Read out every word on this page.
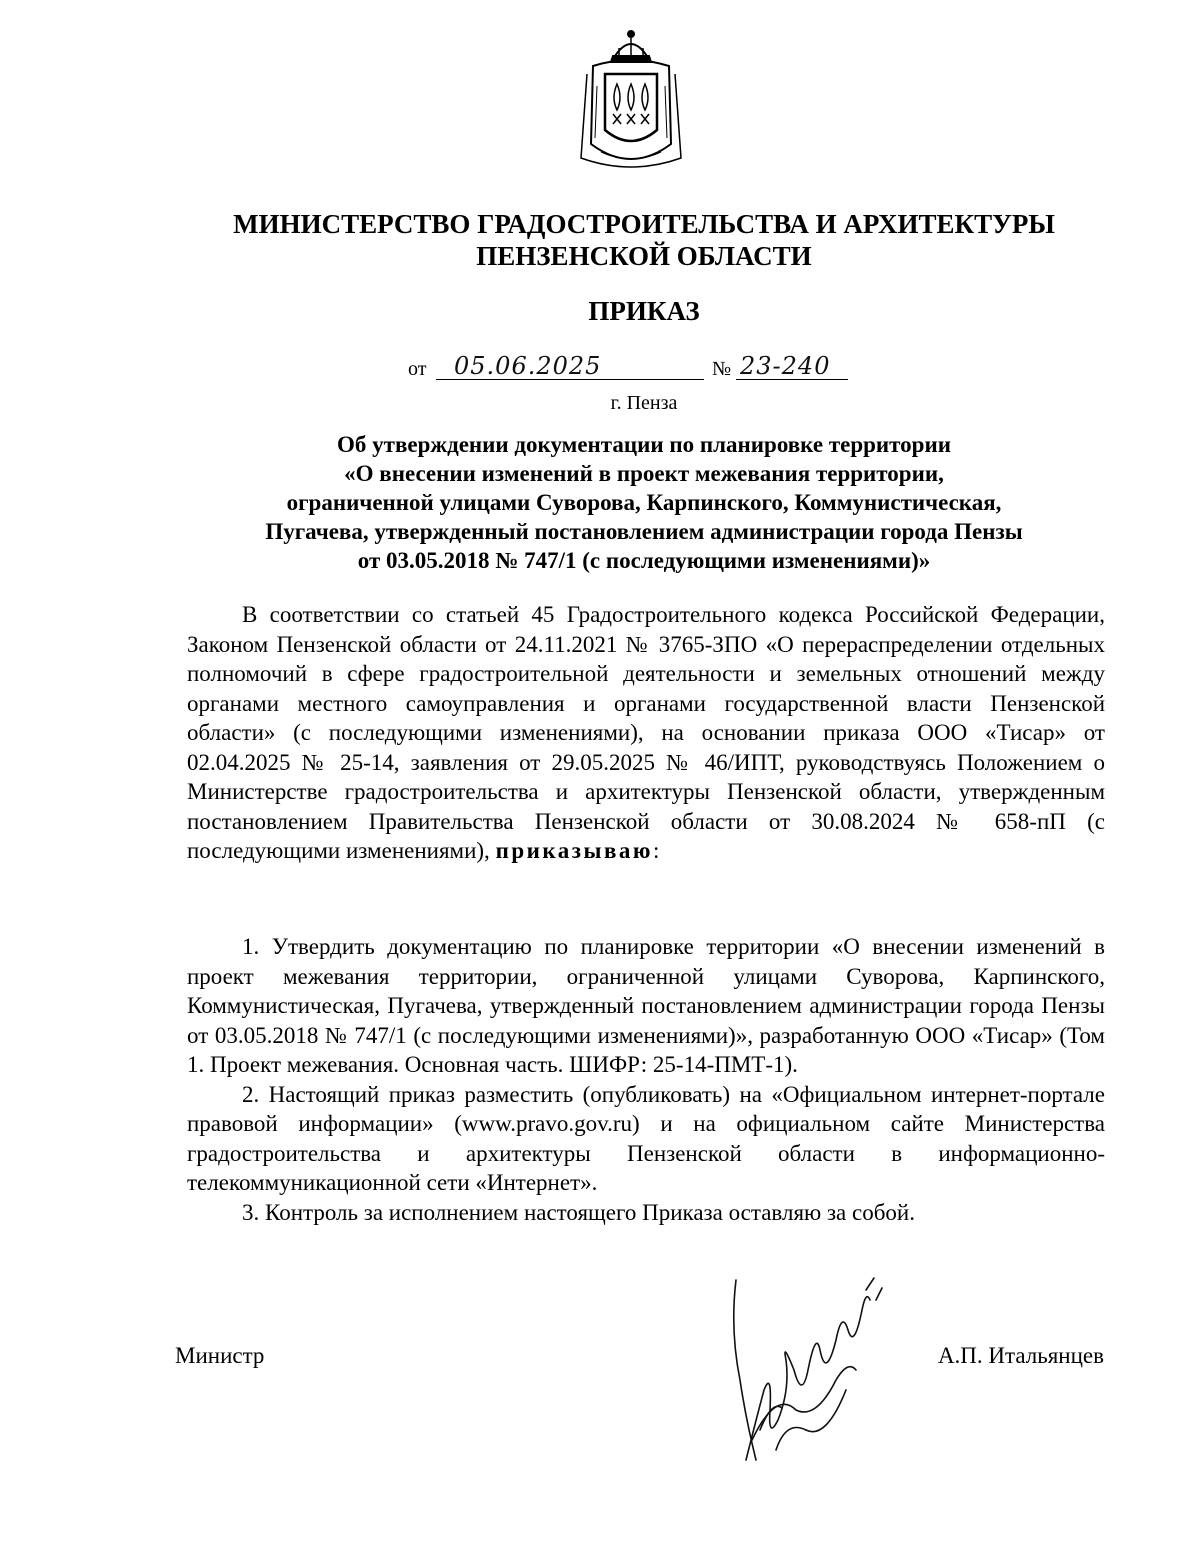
МИНИСТЕРСТВО ГРАДОСТРОИТЕЛЬСТВА И АРХИТЕКТУРЫ
ПЕНЗЕНСКОЙ ОБЛАСТИ
ПРИКАЗ
от 05.06.2025	№ 23-240
г. Пенза
Об утверждении документации по планировке территории
«О внесении изменений в проект межевания территории,
ограниченной улицами Суворова, Карпинского, Коммунистическая,
Пугачева, утвержденный постановлением администрации города Пензы
от 03.05.2018 № 747/1 (с последующими изменениями)»

В соответствии со статьей 45 Градостроительного кодекса Российской Федерации, Законом Пензенской области от 24.11.2021 № 3765-ЗПО «О перераспределении отдельных полномочий в сфере градостроительной деятельности и земельных отношений между органами местного самоуправления и органами государственной власти Пензенской области» (с последующими изменениями), на основании приказа ООО «Тисар» от 02.04.2025 № 25-14, заявления от 29.05.2025 № 46/ИПТ, руководствуясь Положением о Министерстве градостроительства и архитектуры Пензенской области, утвержденным постановлением Правительства Пензенской области от 30.08.2024 № 658-пП (с последующими изменениями), приказываю:

1. Утвердить документацию по планировке территории «О внесении изменений в проект межевания территории, ограниченной улицами Суворова, Карпинского, Коммунистическая, Пугачева, утвержденный постановлением администрации города Пензы от 03.05.2018 № 747/1 (с последующими изменениями)», разработанную ООО «Тисар» (Том 1. Проект межевания. Основная часть. ШИФР: 25-14-ПМТ-1).

2. Настоящий приказ разместить (опубликовать) на «Официальном интернет-портале правовой информации» (www.pravo.gov.ru) и на официальном сайте Министерства градостроительства и архитектуры Пензенской области в информационно-телекоммуникационной сети «Интернет».

3. Контроль за исполнением настоящего Приказа оставляю за собой.

Министр	А.П. Итальянцев
